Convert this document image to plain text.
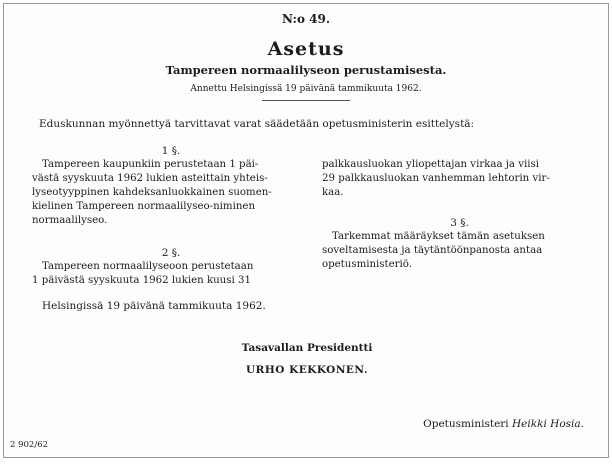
N:o 49.
Asetus
Tampereen normaalilyseon perustamisesta.
Annettu Helsingissä 19 päivänä tammikuuta 1962.
Eduskunnan myönnettyä tarvittavat varat säädetään opetusministerin esittelystä:
1 §.

Tampereen kaupunkiin perustetaan 1 päi-

västä syyskuuta 1962 lukien asteittain yhteis-

lyseotyyppinen kahdeksanluokkainen suomen-

kielinen Tampereen normaalilyseo-niminen

normaalilyseo.

2 §.

Tampereen normaalilyseoon perustetaan

1 päivästä syyskuuta 1962 lukien kuusi 31

Helsingissä 19 päivänä tammikuuta 1962.

palkkausluokan yliopettajan virkaa ja viisi

29 palkkausluokan vanhemman lehtorin vir-

kaa.

3 §.

Tarkemmat määräykset tämän asetuksen

soveltamisesta ja täytäntöönpanosta antaa

opetusministeriö.

Tasavallan Presidentti
URHO KEKKONEN.
Opetusministeri Heikki Hosia.
2 902/62
